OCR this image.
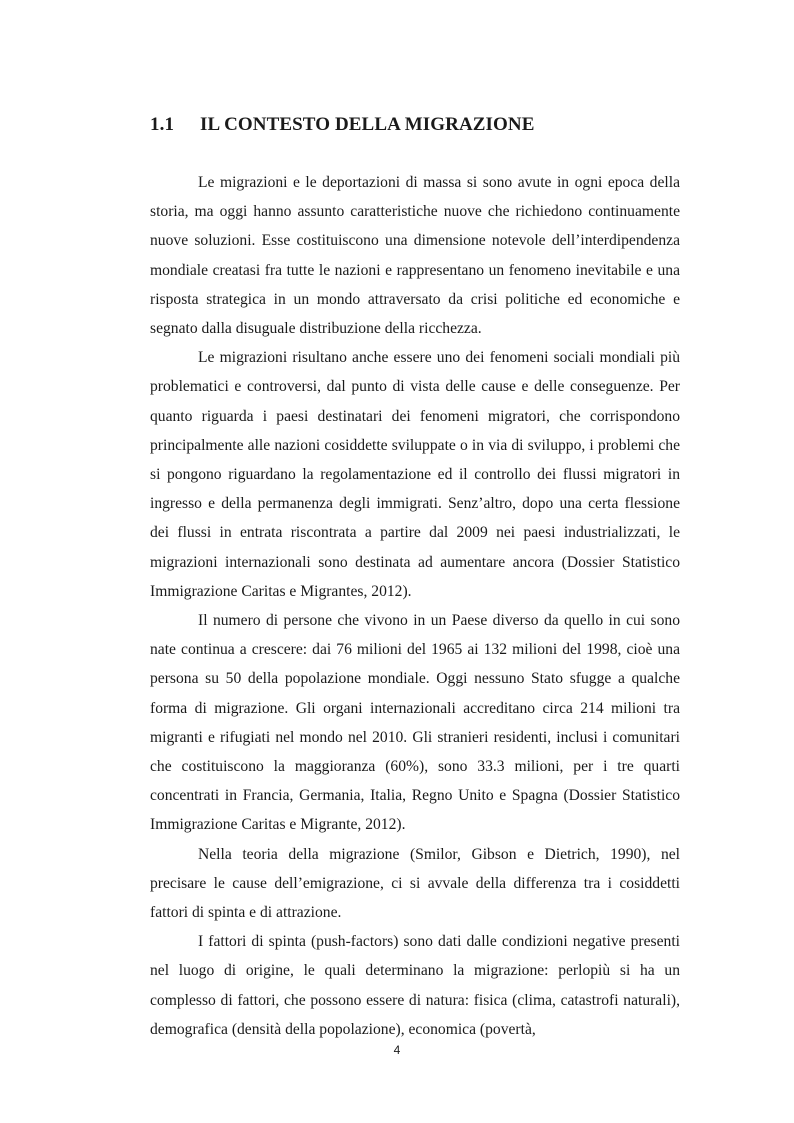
1.1 IL CONTESTO DELLA MIGRAZIONE

Le migrazioni e le deportazioni di massa si sono avute in ogni epoca della storia, ma oggi hanno assunto caratteristiche nuove che richiedono continuamente nuove soluzioni. Esse costituiscono una dimensione notevole dell’interdipendenza mondiale creatasi fra tutte le nazioni e rappresentano un fenomeno inevitabile e una risposta strategica in un mondo attraversato da crisi politiche ed economiche e segnato dalla disuguale distribuzione della ricchezza.

Le migrazioni risultano anche essere uno dei fenomeni sociali mondiali più problematici e controversi, dal punto di vista delle cause e delle conseguenze. Per quanto riguarda i paesi destinatari dei fenomeni migratori, che corrispondono principalmente alle nazioni cosiddette sviluppate o in via di sviluppo, i problemi che si pongono riguardano la regolamentazione ed il controllo dei flussi migratori in ingresso e della permanenza degli immigrati. Senz’altro, dopo una certa flessione dei flussi in entrata riscontrata a partire dal 2009 nei paesi industrializzati, le migrazioni internazionali sono destinata ad aumentare ancora (Dossier Statistico Immigrazione Caritas e Migrantes, 2012).

Il numero di persone che vivono in un Paese diverso da quello in cui sono nate continua a crescere: dai 76 milioni del 1965 ai 132 milioni del 1998, cioè una persona su 50 della popolazione mondiale. Oggi nessuno Stato sfugge a qualche forma di migrazione. Gli organi internazionali accreditano circa 214 milioni tra migranti e rifugiati nel mondo nel 2010. Gli stranieri residenti, inclusi i comunitari che costituiscono la maggioranza (60%), sono 33.3 milioni, per i tre quarti concentrati in Francia, Germania, Italia, Regno Unito e Spagna (Dossier Statistico Immigrazione Caritas e Migrante, 2012).

Nella teoria della migrazione (Smilor, Gibson e Dietrich, 1990), nel precisare le cause dell’emigrazione, ci si avvale della differenza tra i cosiddetti fattori di spinta e di attrazione.

I fattori di spinta (push-factors) sono dati dalle condizioni negative presenti nel luogo di origine, le quali determinano la migrazione: perlopiù si ha un complesso di fattori, che possono essere di natura: fisica (clima, catastrofi naturali), demografica (densità della popolazione), economica (povertà,

4
